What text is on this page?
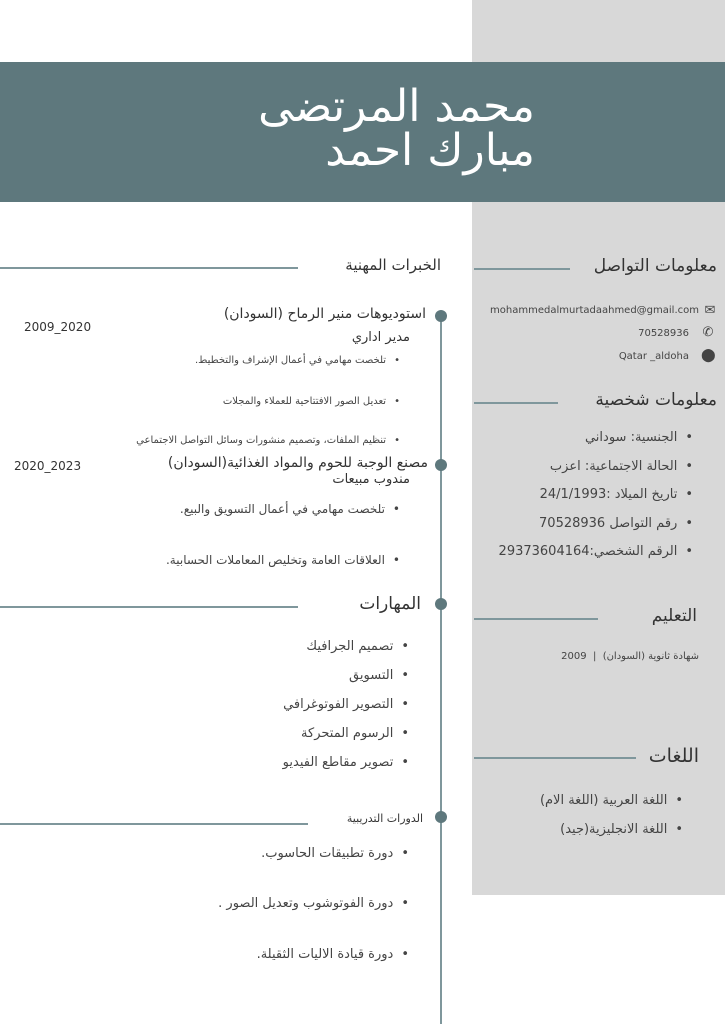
محمد المرتضى
مبارك احمد
معلومات التواصل
mohammedalmurtadaahmed@gmail.com ✉
70528936 ✆
Qatar _aldoha ⬤
معلومات شخصية
• الجنسية: سوداني
• الحالة الاجتماعية: اعزب
• تاريخ الميلاد :24/1/1993
• رقم التواصل 70528936
• الرقم الشخصي:29373604164
التعليم
شهادة ثانوية (السودان)  |  2009
اللغات
• اللغة العربية (اللغة الام)
• اللغة الانجليزية(جيد)
الخبرات المهنية
استوديوهات منير الرماح (السودان)
2009_2020
مدير اداري
• تلخصت مهامي في أعمال الإشراف والتخطيط.
• تعديل الصور الافتتاحية للعملاء والمجلات
• تنظيم الملفات، وتصميم منشورات وسائل التواصل الاجتماعي
مصنع الوجبة للحوم والمواد الغذائية(السودان)
2020_2023
مندوب مبيعات
• تلخصت مهامي في أعمال التسويق والبيع.
• العلاقات العامة وتخليص المعاملات الحسابية.
المهارات
• تصميم الجرافيك
• التسويق
• التصوير الفوتوغرافي
• الرسوم المتحركة
• تصوير مقاطع الفيديو
الدورات التدريبية
• دورة تطبيقات الحاسوب.
• دورة الفوتوشوب وتعديل الصور .
• دورة قيادة الاليات الثقيلة.
